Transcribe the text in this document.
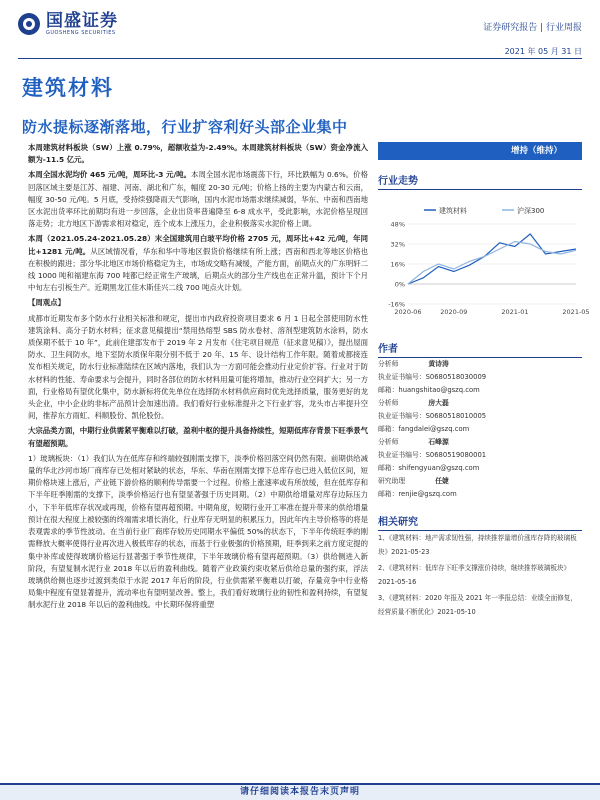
国盛证券
GUOSHENG SECURITIES	证券研究报告 | 行业周报
2021 年 05 月 31 日
建筑材料
防水提标逐渐落地，行业扩容利好头部企业集中

本周建筑材料板块（SW）上涨 0.79%，超额收益为-2.49%。本周建筑材料板块（SW）资金净流入额为-11.5 亿元。

本周全国水泥均价 465 元/吨，周环比-3 元/吨。本周全国水泥市场震荡下行，环比跌幅为 0.6%。价格回落区域主要是江苏、福建、河南、湖北和广东，幅度 20-30 元/吨；价格上扬的主要为内蒙古和云南，幅度 30-50 元/吨。5 月底，受持续强降雨天气影响，国内水泥市场需求继续减弱，华东、中南和西南地区水泥出货率环比前期均有进一步回落，企业出货率普遍降至 6-8 成水平，受此影响，水泥价格呈现回落走势；北方地区下游需求相对稳定，连个成本上涨压力，企业积极落实水泥价格上调。

本周（2021.05.24-2021.05.28）末全国建筑用白玻平均价格 2705 元，周环比+42 元/吨，年同比+1281 元/吨。从区域情况看，华东和华中等地区假货价格继续有所上涨；西南和西北等地区价格也在积极的跟进；部分华北地区市场价格稳定为主，市场成交略有减缓，产能方面，前期点火的广东明轩二线 1000 吨和福建东海 700 吨都已经正常生产玻璃，后期点火的部分生产线也在正常升温，预计下个月中旬左右引板生产。近期黑龙江佳木斯佳兴二线 700 吨点火计划。

【周观点】

成都市近期发布多个防水行业相关标准和规定，提出市内政府投资项目要求 6 月 1 日起全部使用防水性建筑涂料、高分子防水材料；征求意见稿提出“禁用热熔型 SBS 防水卷材、溶剂型建筑防水涂料，防水质保期不低于 10 年”，此前住建部发布于 2019 年 2 月发布《住宅项目规范（征求意见稿）》，提出屋面防水、卫生间防水，地下室防水质保年限分别不低于 20 年、15 年、设计结构工作年限。随着成都接连发布相关规定，防水行业标准陆续在区域内落地，我们认为一方面可能会推动行业定价扩容。行业对于防水材料的性能、寿命要求与会提升，同时各部位的防水材料用量可能将增加，推动行业空间扩大；另一方面，行业格局有望优化集中，防水新标将优先单位在选择防水材料供应商时优先选择质量，服务更好的龙头企业，中小企业的非标产品预计会加速出清。我们看好行业标准提升之下行业扩容，龙头市占率提升空间，推荐东方雨虹、科顺股份、凯伦股份。

大宗品类方面，中期行业供需紧平衡难以打破，盈利中枢的提升具备持续性，短期低库存背景下旺季景气有望超预期。

1）玻璃板块：（1）我们认为在低库存和终端较强刚需支撑下，淡季价格回落空间仍然有限。前期供给减量的华北沙河市场厂商库存已处相对紧缺的状态，华东、华南在刚需支撑下总库存也已进入低位区间，短期价格块速上涨后，产业链下游价格的顺利传导需要一个过程。价格上涨速率或有所放缓，但在低库存和下半年旺季刚需的支撑下，淡季价格运行也有望显著强于历史同期。（2）中期供给增量对库存边际压力小，下半年低库存状况或再现，价格有望再超预期。中期角度，短期行业开工率准在提升带来的供给增量预计在很大程度上被较强的终端需求增长消化，行业库存无明显的积累压力，因此年内主导价格等的将是表观需求的季节性波动。在当前行业厂商库存较历史同期水平偏低 50%的状态下，下半年传统旺季的刚需释放大概率使得行业再次进入极低库存的状态，而基于行业极强的价格预期，旺季到来之前方度定提的集中补库或使得玻璃价格运行显著强于季节性规律，下半年玻璃价格有望再超预期。（3）供给侧进入新阶段，有望复制水泥行业 2018 年以后的盈利曲线。随着产业政策约束收紧后供给总量的强约束，浮法玻璃供给侧也逐步过渡到类似于水泥 2017 年后的阶段，行业供需紧平衡难以打破，存量竞争中行业格局集中程度有望显著提升，流动率也有望明显改善。整上，我们看好玻璃行业的韧性和盈利持续，有望复制水泥行业 2018 年以后的盈利曲线。中长期环保将重塑

增持（维持）
行业走势
-16%
0%
16%
32%
48%
2020-06	2020-09	2021-01	2021-05
建筑材料	沪深300
作者
分析师	黄诗涛
执业证书编号：S0680518030009
邮箱：huangshitao@gszq.com
分析师	房大磊
执业证书编号：S0680518010005
邮箱：fangdalei@gszq.com
分析师	石峰源
执业证书编号：S0680519080001
邮箱：shifengyuan@gszq.com
研究助理	任婕
邮箱：renjie@gszq.com
相关研究
1、《建筑材料：地产需求韧性强，持续推荐量增价涨库存降的玻璃板块》2021-05-23
2、《建筑材料：低库存下旺季支撑涨价持续，继续推荐玻璃板块》2021-05-16
3、《建筑材料：2020 年报及 2021 年一季报总结：业绩全面修复，经营质量不断优化》2021-05-10
请仔细阅读本报告末页声明
